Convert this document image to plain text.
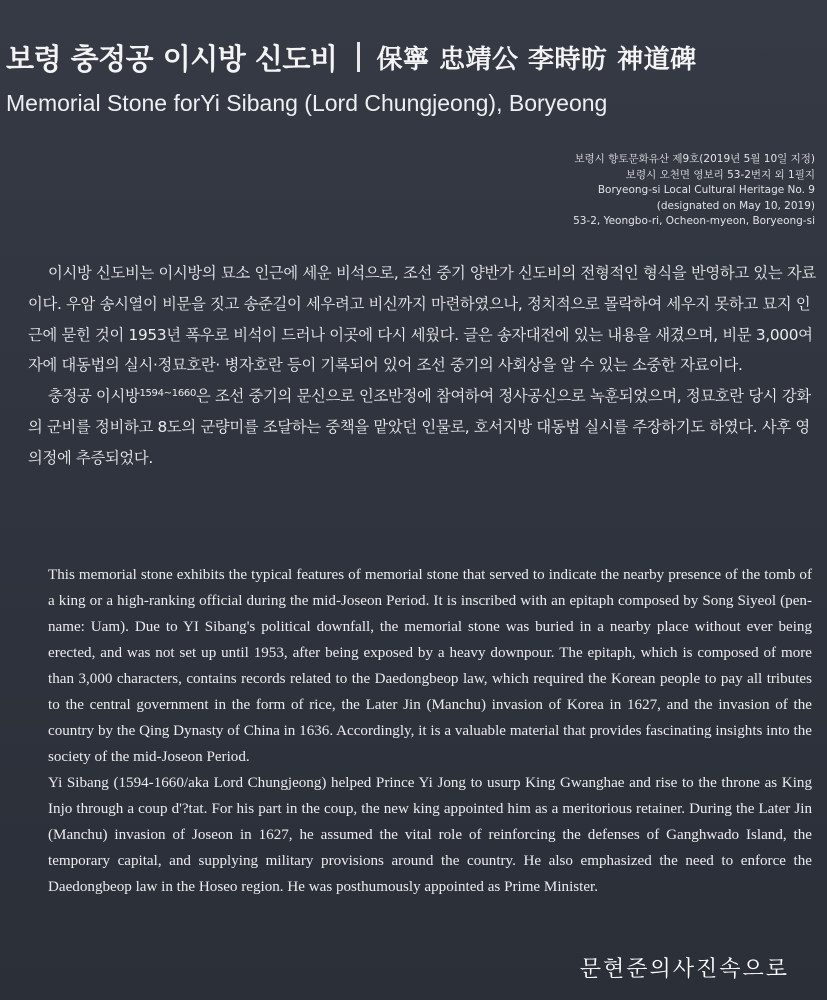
보령 충정공 이시방 신도비 保寧 忠靖公 李時昉 神道碑
Memorial Stone forYi Sibang (Lord Chungjeong), Boryeong
보령시 향토문화유산 제9호(2019년 5월 10일 지정)
보령시 오천면 영보리 53-2번지 외 1필지
Boryeong-si Local Cultural Heritage No. 9
(designated on May 10, 2019)
53-2, Yeongbo-ri, Ocheon-myeon, Boryeong-si

이시방 신도비는 이시방의 묘소 인근에 세운 비석으로, 조선 중기 양반가 신도비의 전형적인 형식을 반영하고 있는 자료이다. 우암 송시열이 비문을 짓고 송준길이 세우려고 비신까지 마련하였으나, 정치적으로 몰락하여 세우지 못하고 묘지 인근에 묻힌 것이 1953년 폭우로 비석이 드러나 이곳에 다시 세웠다. 글은 송자대전에 있는 내용을 새겼으며, 비문 3,000여자에 대동법의 실시·정묘호란· 병자호란 등이 기록되어 있어 조선 중기의 사회상을 알 수 있는 소중한 자료이다.

충정공 이시방$^{1594\sim 1660}$은 조선 중기의 문신으로 인조반정에 참여하여 정사공신으로 녹훈되었으며, 정묘호란 당시 강화의 군비를 정비하고 8도의 군량미를 조달하는 중책을 맡았던 인물로, 호서지방 대동법 실시를 주장하기도 하였다. 사후 영의정에 추증되었다.

This memorial stone exhibits the typical features of memorial stone that served to indicate the nearby presence of the tomb of a king or a high-ranking official during the mid-Joseon Period. It is inscribed with an epitaph composed by Song Siyeol (pen-name: Uam). Due to YI Sibang's political downfall, the memorial stone was buried in a nearby place without ever being erected, and was not set up until 1953, after being exposed by a heavy downpour. The epitaph, which is composed of more than 3,000 characters, contains records related to the Daedongbeop law, which required the Korean people to pay all tributes to the central government in the form of rice, the Later Jin (Manchu) invasion of Korea in 1627, and the invasion of the country by the Qing Dynasty of China in 1636. Accordingly, it is a valuable material that provides fascinating insights into the society of the mid-Joseon Period.

Yi Sibang (1594-1660/aka Lord Chungjeong) helped Prince Yi Jong to usurp King Gwanghae and rise to the throne as King Injo through a coup d'?tat. For his part in the coup, the new king appointed him as a meritorious retainer. During the Later Jin (Manchu) invasion of Joseon in 1627, he assumed the vital role of reinforcing the defenses of Ganghwado Island, the temporary capital, and supplying military provisions around the country. He also emphasized the need to enforce the Daedongbeop law in the Hoseo region. He was posthumously appointed as Prime Minister.

문현준의사진속으로
